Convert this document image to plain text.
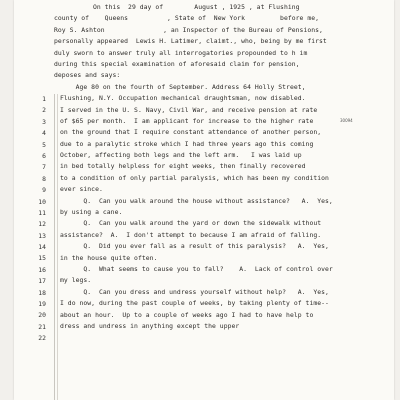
On this  29 day of        August , 1925 , at Flushing
county of    Queens          , State of  New York         before me,
Roy S. Ashton               , an Inspector of the Bureau of Pensions,
personally appeared  Lewis H. Latimer, claimt., who, being by me first
duly sworn to answer truly all interrogatories propounded to h im
during this special examination of aforesaid claim for pension,
deposes and says:
Age 80 on the fourth of September. Address 64 Holly Street,
Flushing, N.Y. Occupation mechanical draughtsman, now disabled.
I served in the U. S. Navy, Civil War, and receive pension at rate
of $65 per month.  I am applicant for increase to the higher rate
on the ground that I require constant attendance of another person,
due to a paralytic stroke which I had three years ago this coming
October, affecting both legs and the left arm.   I was laid up
in bed totally helpless for eight weeks, then finally recovered
to a condition of only partial paralysis, which has been my condition
ever since.
Q.  Can you walk around the house without assistance?   A.  Yes,
by using a cane.
Q.  Can you walk around the yard or down the sidewalk without
assistance?  A.  I don't attempt to because I am afraid of falling.
Q.  Did you ever fall as a result of this paralysis?   A.  Yes,
in the house quite often.
Q.  What seems to cause you to fall?    A.  Lack of control over
my legs.
Q.  Can you dress and undress yourself without help?   A.  Yes,
I do now, during the past couple of weeks, by taking plenty of time--
about an hour.  Up to a couple of weeks ago I had to have help to
dress and undress in anything except the upper
30094
1
2
3
4
5
6
7
8
9
10
11
12
13
14
15
16
17
18
19
20
21
22
